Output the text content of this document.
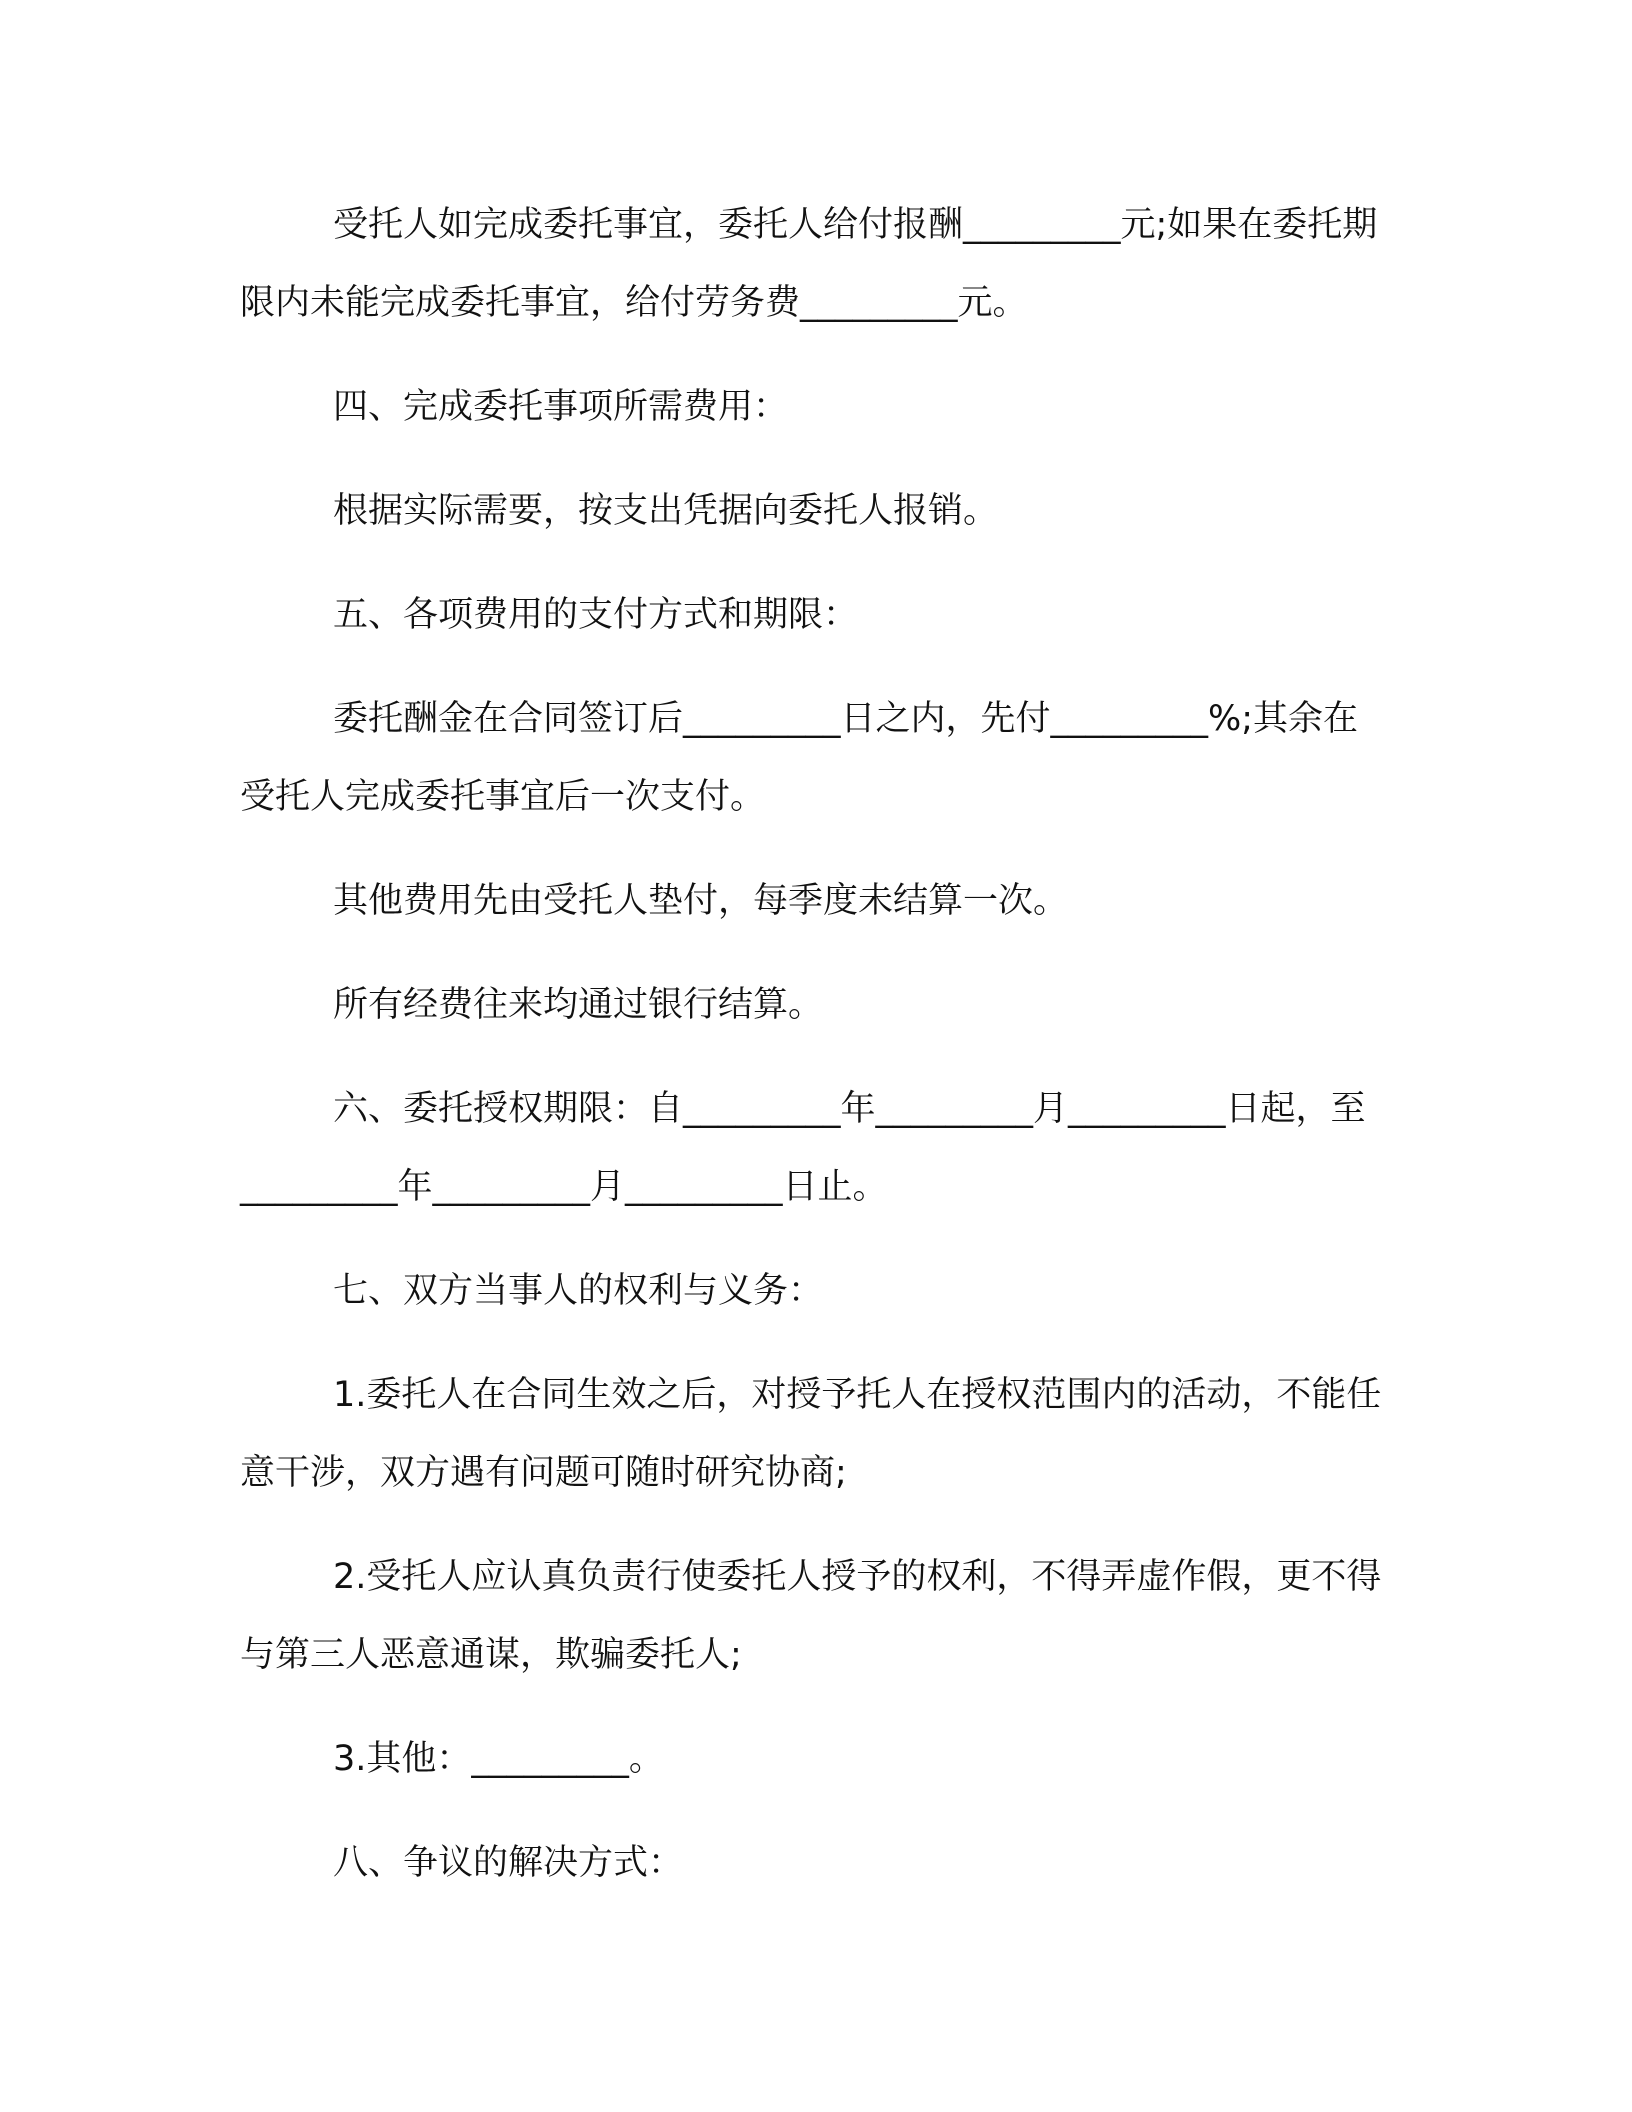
受托人如完成委托事宜，委托人给付报酬_________元;如果在委托期限内未能完成委托事宜，给付劳务费_________元。

四、完成委托事项所需费用：

根据实际需要，按支出凭据向委托人报销。

五、各项费用的支付方式和期限：

委托酬金在合同签订后_________日之内，先付_________%;其余在受托人完成委托事宜后一次支付。

其他费用先由受托人垫付，每季度未结算一次。

所有经费往来均通过银行结算。

六、委托授权期限：自_________年_________月_________日起，至_________年_________月_________日止。

七、双方当事人的权利与义务：

1.委托人在合同生效之后，对授予托人在授权范围内的活动，不能任意干涉，双方遇有问题可随时研究协商;

2.受托人应认真负责行使委托人授予的权利，不得弄虚作假，更不得与第三人恶意通谋，欺骗委托人;

3.其他：_________。

八、争议的解决方式：
